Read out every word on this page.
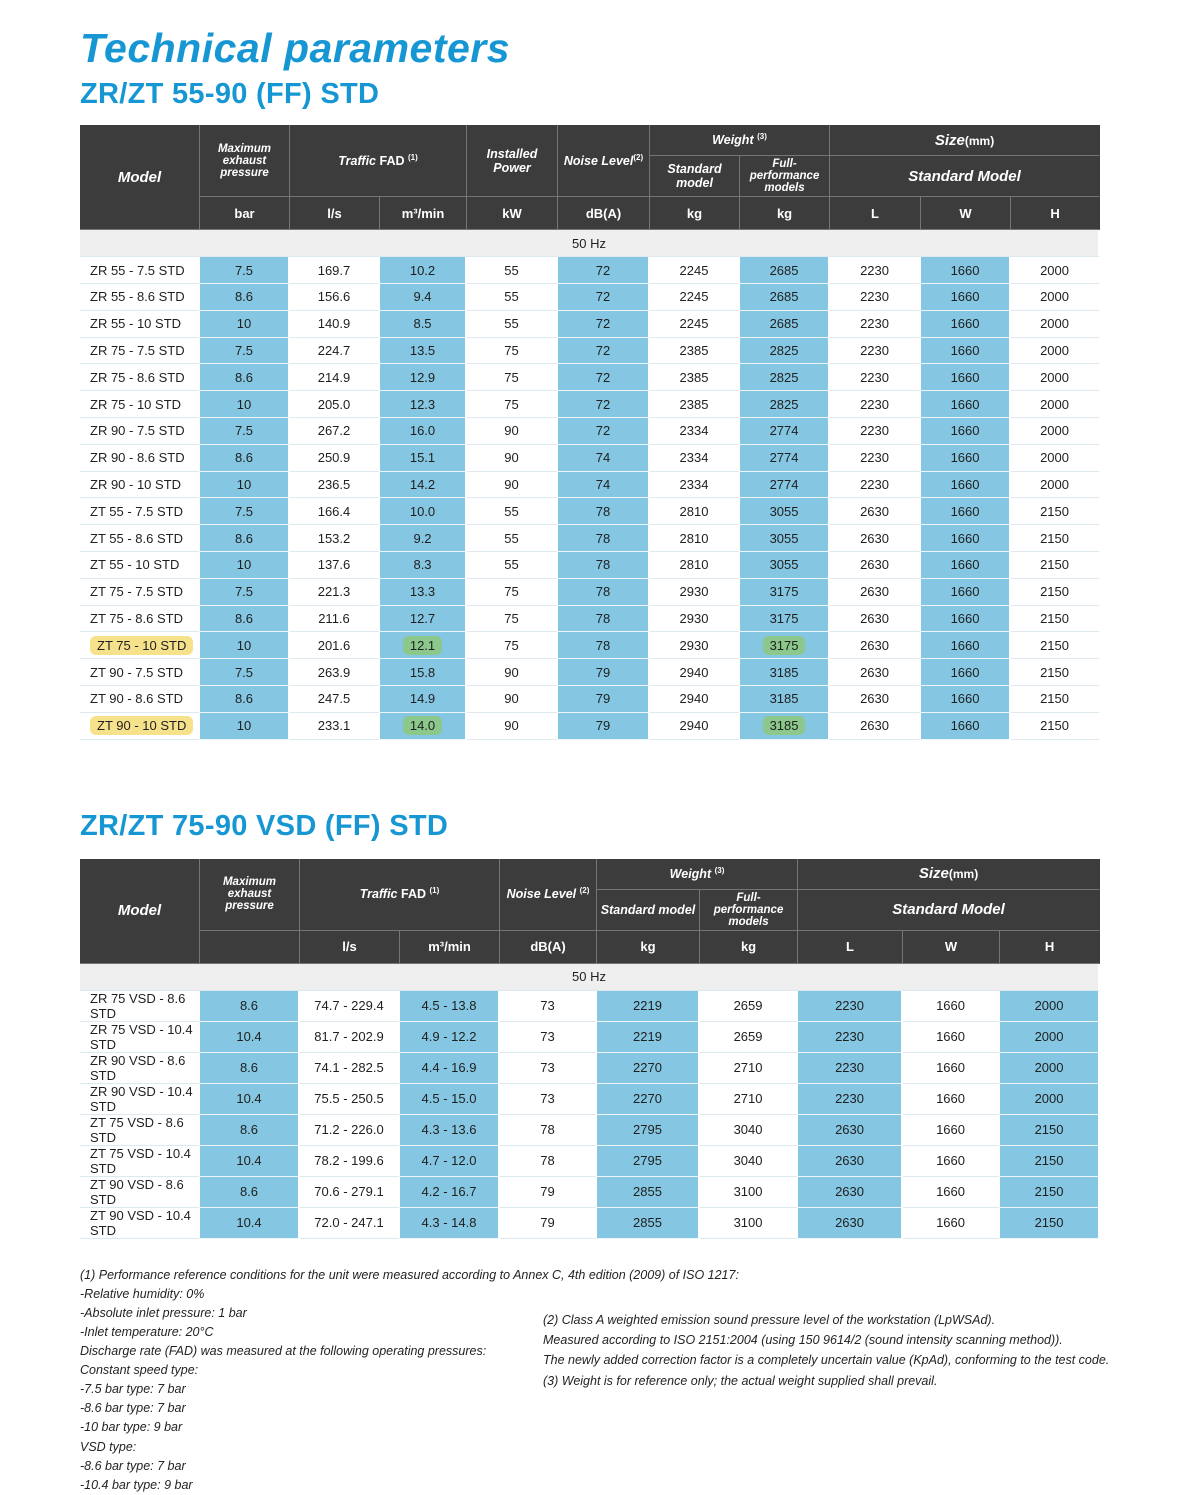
Technical parameters
ZR/ZT 55-90 (FF) STD
Model	Maximum exhaust pressure	Traffic FAD $^{(1)}$		Installed Power	Noise Level$^{(2)}$	Weight $^{(3)}$		Size(mm)		
						Standard model	Full-performance models	Standard Model		
	bar	l/s	m³/min	kW	dB(A)	kg	kg	L	W	H
50 Hz										
ZR 55 - 7.5 STD	7.5	169.7	10.2	55	72	2245	2685	2230	1660	2000
ZR 55 - 8.6 STD	8.6	156.6	9.4	55	72	2245	2685	2230	1660	2000
ZR 55 - 10 STD	10	140.9	8.5	55	72	2245	2685	2230	1660	2000
ZR 75 - 7.5 STD	7.5	224.7	13.5	75	72	2385	2825	2230	1660	2000
ZR 75 - 8.6 STD	8.6	214.9	12.9	75	72	2385	2825	2230	1660	2000
ZR 75 - 10 STD	10	205.0	12.3	75	72	2385	2825	2230	1660	2000
ZR 90 - 7.5 STD	7.5	267.2	16.0	90	72	2334	2774	2230	1660	2000
ZR 90 - 8.6 STD	8.6	250.9	15.1	90	74	2334	2774	2230	1660	2000
ZR 90 - 10 STD	10	236.5	14.2	90	74	2334	2774	2230	1660	2000
ZT 55 - 7.5 STD	7.5	166.4	10.0	55	78	2810	3055	2630	1660	2150
ZT 55 - 8.6 STD	8.6	153.2	9.2	55	78	2810	3055	2630	1660	2150
ZT 55 - 10 STD	10	137.6	8.3	55	78	2810	3055	2630	1660	2150
ZT 75 - 7.5 STD	7.5	221.3	13.3	75	78	2930	3175	2630	1660	2150
ZT 75 - 8.6 STD	8.6	211.6	12.7	75	78	2930	3175	2630	1660	2150
ZT 75 - 10 STD	10	201.6	12.1	75	78	2930	3175	2630	1660	2150
ZT 90 - 7.5 STD	7.5	263.9	15.8	90	79	2940	3185	2630	1660	2150
ZT 90 - 8.6 STD	8.6	247.5	14.9	90	79	2940	3185	2630	1660	2150
ZT 90 - 10 STD	10	233.1	14.0	90	79	2940	3185	2630	1660	2150
ZR/ZT 75-90 VSD (FF) STD
Model	Maximum exhaust pressure	Traffic FAD $^{(1)}$		Noise Level $^{(2)}$	Weight $^{(3)}$		Size(mm)		
					Standard model	Full-performance models	Standard Model		
		l/s	m³/min	dB(A)	kg	kg	L	W	H
50 Hz									
ZR 75 VSD - 8.6 STD	8.6	74.7 - 229.4	4.5 - 13.8	73	2219	2659	2230	1660	2000
ZR 75 VSD - 10.4 STD	10.4	81.7 - 202.9	4.9 - 12.2	73	2219	2659	2230	1660	2000
ZR 90 VSD - 8.6 STD	8.6	74.1 - 282.5	4.4 - 16.9	73	2270	2710	2230	1660	2000
ZR 90 VSD - 10.4 STD	10.4	75.5 - 250.5	4.5 - 15.0	73	2270	2710	2230	1660	2000
ZT 75 VSD - 8.6 STD	8.6	71.2 - 226.0	4.3 - 13.6	78	2795	3040	2630	1660	2150
ZT 75 VSD - 10.4 STD	10.4	78.2 - 199.6	4.7 - 12.0	78	2795	3040	2630	1660	2150
ZT 90 VSD - 8.6 STD	8.6	70.6 - 279.1	4.2 - 16.7	79	2855	3100	2630	1660	2150
ZT 90 VSD - 10.4 STD	10.4	72.0 - 247.1	4.3 - 14.8	79	2855	3100	2630	1660	2150
(1) Performance reference conditions for the unit were measured according to Annex C, 4th edition (2009) of ISO 1217:
-Relative humidity: 0%
-Absolute inlet pressure: 1 bar
-Inlet temperature: 20°C
Discharge rate (FAD) was measured at the following operating pressures:
Constant speed type:
-7.5 bar type: 7 bar
-8.6 bar type: 7 bar
-10 bar type: 9 bar
VSD type:
-8.6 bar type: 7 bar
-10.4 bar type: 9 bar
(2) Class A weighted emission sound pressure level of the workstation (LpWSAd).
Measured according to ISO 2151:2004 (using 150 9614/2 (sound intensity scanning method)).
The newly added correction factor is a completely uncertain value (KpAd), conforming to the test code.
(3) Weight is for reference only; the actual weight supplied shall prevail.
